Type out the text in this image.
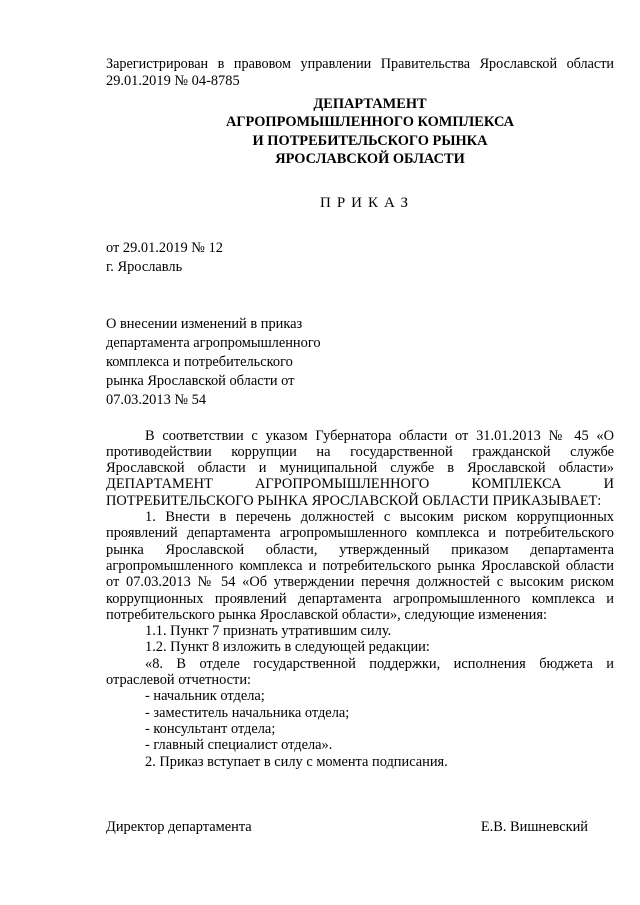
Зарегистрирован в правовом управлении Правительства Ярославской области

29.01.2019 № 04-8785

ДЕПАРТАМЕНТ
АГРОПРОМЫШЛЕННОГО КОМПЛЕКСА
И ПОТРЕБИТЕЛЬСКОГО РЫНКА
ЯРОСЛАВСКОЙ ОБЛАСТИ
ПРИКАЗ

от 29.01.2019 № 12

г. Ярославль

О внесении изменений в приказ

департамента агропромышленного

комплекса и потребительского

рынка Ярославской области от

07.03.2013 № 54

В соответствии с указом Губернатора области от 31.01.2013 № 45 «О противодействии коррупции на государственной гражданской службе Ярославской области и муниципальной службе в Ярославской области» ДЕПАРТАМЕНТ АГРОПРОМЫШЛЕННОГО КОМПЛЕКСА И ПОТРЕБИТЕЛЬСКОГО РЫНКА ЯРОСЛАВСКОЙ ОБЛАСТИ ПРИКАЗЫВАЕТ:

1. Внести в перечень должностей с высоким риском коррупционных проявлений департамента агропромышленного комплекса и потребительского рынка Ярославской области, утвержденный приказом департамента агропромышленного комплекса и потребительского рынка Ярославской области от 07.03.2013 № 54 «Об утверждении перечня должностей с высоким риском коррупционных проявлений департамента агропромышленного комплекса и потребительского рынка Ярославской области», следующие изменения:

1.1. Пункт 7 признать утратившим силу.

1.2. Пункт 8 изложить в следующей редакции:

«8. В отделе государственной поддержки, исполнения бюджета и отраслевой отчетности:

- начальник отдела;

- заместитель начальника отдела;

- консультант отдела;

- главный специалист отдела».

2. Приказ вступает в силу с момента подписания.

Директор департамента	Е.В. Вишневский
